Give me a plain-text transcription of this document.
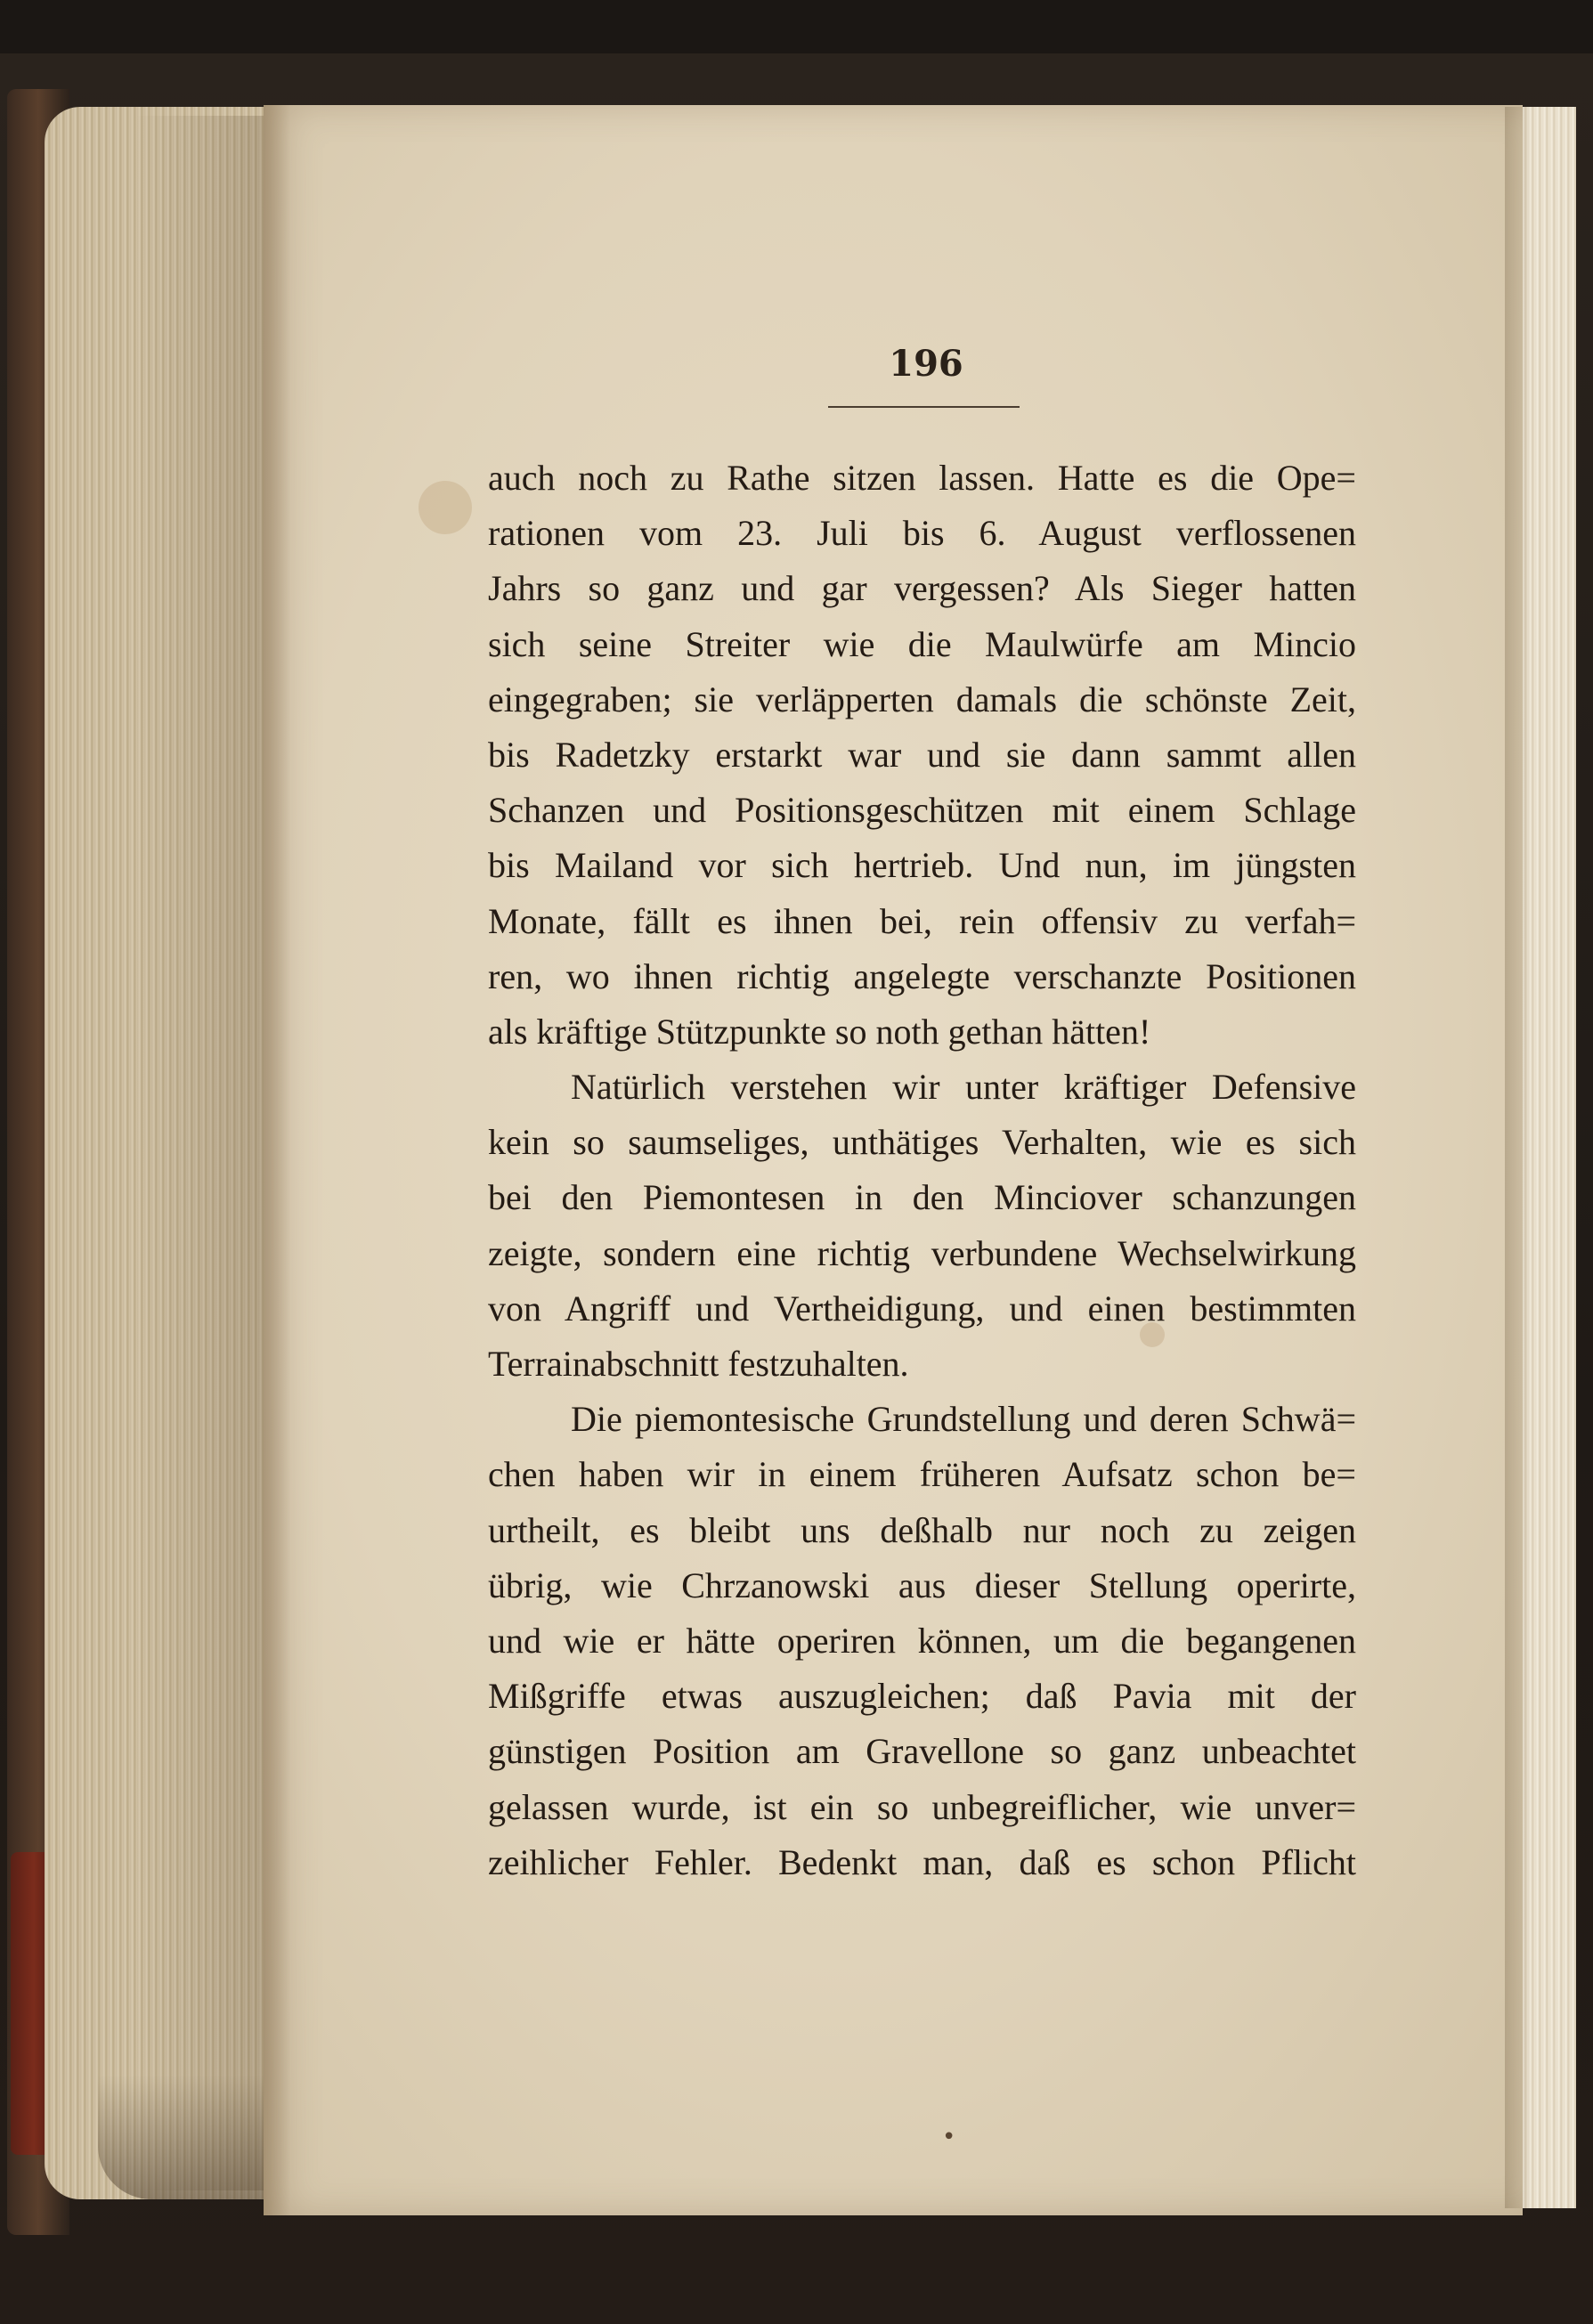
196
auch noch zu Rathe sitzen lassen. Hatte es die Ope=
rationen vom 23. Juli bis 6. August verflossenen
Jahrs so ganz und gar vergessen? Als Sieger hatten
sich seine Streiter wie die Maulwürfe am Mincio
eingegraben; sie verläpperten damals die schönste Zeit,
bis Radetzky erstarkt war und sie dann sammt allen
Schanzen und Positionsgeschützen mit einem Schlage
bis Mailand vor sich hertrieb. Und nun, im jüngsten
Monate, fällt es ihnen bei, rein offensiv zu verfah=
ren, wo ihnen richtig angelegte verschanzte Positionen
als kräftige Stützpunkte so noth gethan hätten!
Natürlich verstehen wir unter kräftiger Defensive
kein so saumseliges, unthätiges Verhalten, wie es sich
bei den Piemontesen in den Minciover schanzungen
zeigte, sondern eine richtig verbundene Wechselwirkung
von Angriff und Vertheidigung, und einen bestimmten
Terrainabschnitt festzuhalten.
Die piemontesische Grundstellung und deren Schwä=
chen haben wir in einem früheren Aufsatz schon be=
urtheilt, es bleibt uns deßhalb nur noch zu zeigen
übrig, wie Chrzanowski aus dieser Stellung operirte,
und wie er hätte operiren können, um die begangenen
Mißgriffe etwas auszugleichen; daß Pavia mit der
günstigen Position am Gravellone so ganz unbeachtet
gelassen wurde, ist ein so unbegreiflicher, wie unver=
zeihlicher Fehler. Bedenkt man, daß es schon Pflicht
•
